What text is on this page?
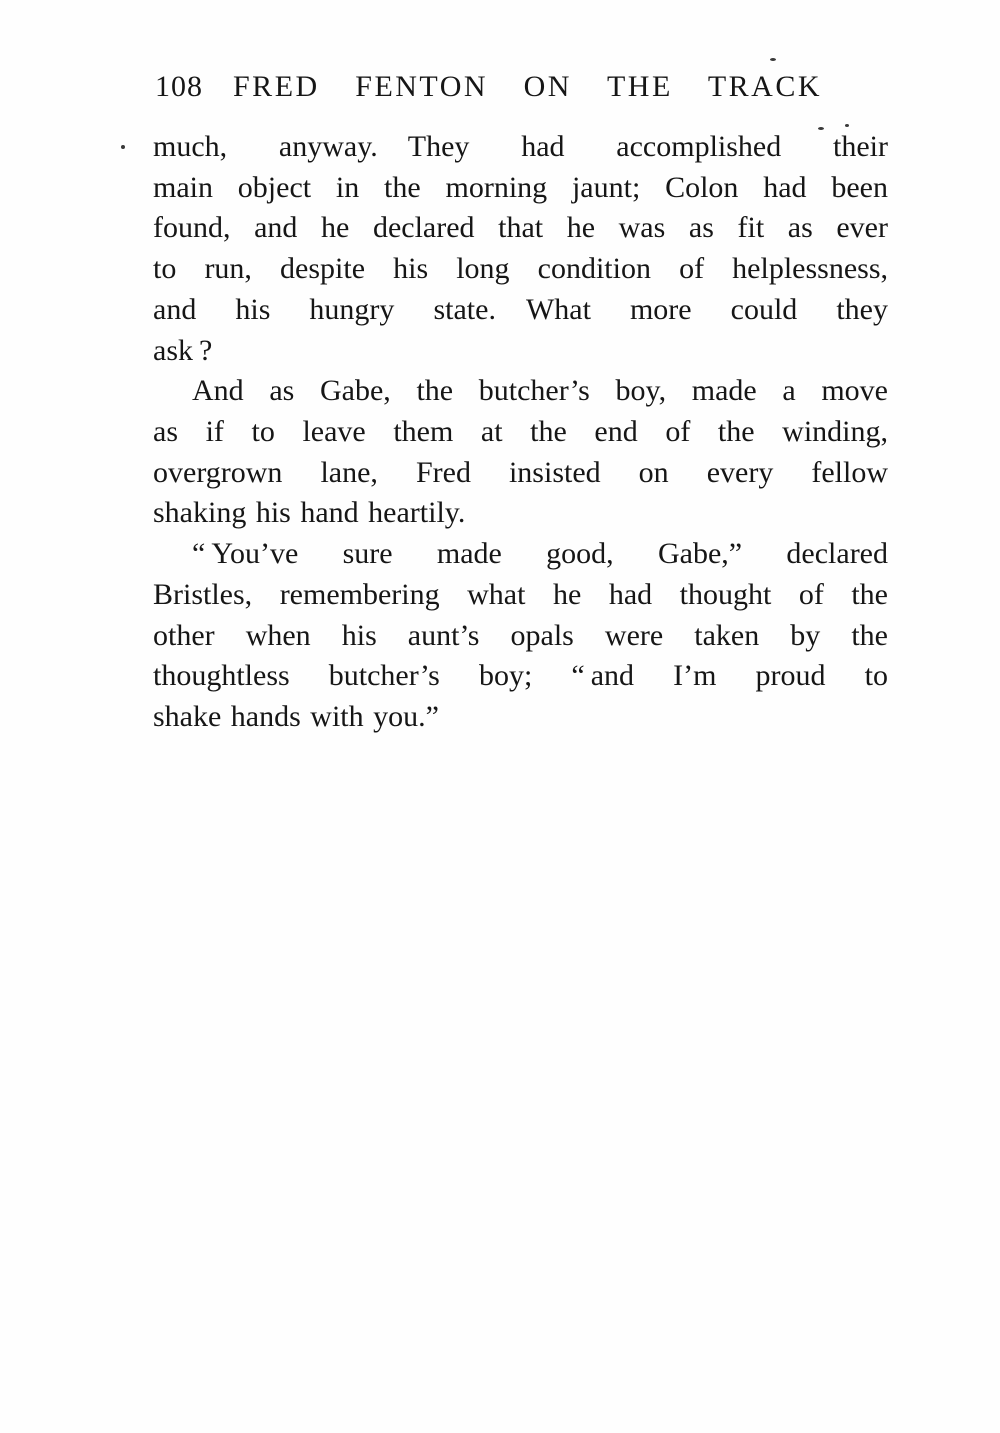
108 FRED FENTON ON THE TRACK
much, anyway. They had accomplished their
main object in the morning jaunt; Colon had been
found, and he declared that he was as fit as ever
to run, despite his long condition of helplessness,
and his hungry state. What more could they
ask ?
And as Gabe, the butcher’s boy, made a move
as if to leave them at the end of the winding,
overgrown lane, Fred insisted on every fellow
shaking his hand heartily.
“ You’ve sure made good, Gabe,” declared
Bristles, remembering what he had thought of the
other when his aunt’s opals were taken by the
thoughtless butcher’s boy; “ and I’m proud to
shake hands with you.”
